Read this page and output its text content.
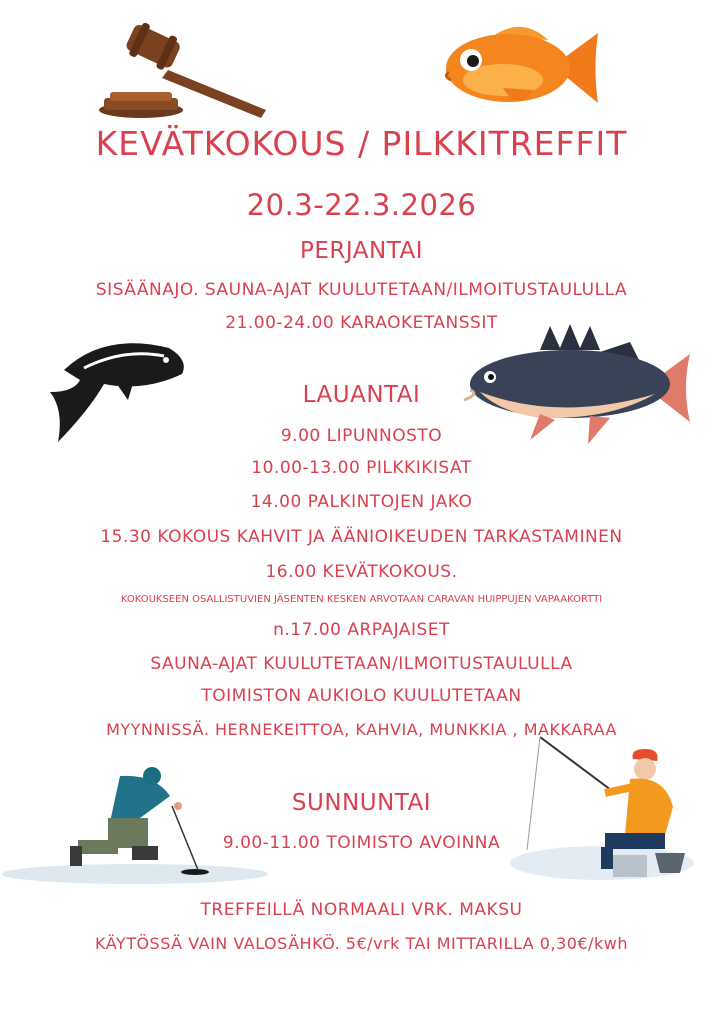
KEVÄTKOKOUS / PILKKITREFFIT
20.3-22.3.2026
PERJANTAI
SISÄÄNAJO. SAUNA-AJAT KUULUTETAAN/ILMOITUSTAULULLA
21.00-24.00 KARAOKETANSSIT
LAUANTAI
9.00 LIPUNNOSTO
10.00-13.00 PILKKIKISAT
14.00 PALKINTOJEN JAKO
15.30 KOKOUS KAHVIT JA ÄÄNIOIKEUDEN TARKASTAMINEN
16.00 KEVÄTKOKOUS.
KOKOUKSEEN OSALLISTUVIEN JÄSENTEN KESKEN ARVOTAAN CARAVAN HUIPPUJEN VAPAAKORTTI
n.17.00 ARPAJAISET
SAUNA-AJAT KUULUTETAAN/ILMOITUSTAULULLA
TOIMISTON AUKIOLO KUULUTETAAN
MYYNNISSÄ. HERNEKEITTOA, KAHVIA, MUNKKIA , MAKKARAA
SUNNUNTAI
9.00-11.00 TOIMISTO AVOINNA
TREFFEILLÄ NORMAALI VRK. MAKSU
KÄYTÖSSÄ VAIN VALOSÄHKÖ. 5€/vrk TAI MITTARILLA 0,30€/kwh
